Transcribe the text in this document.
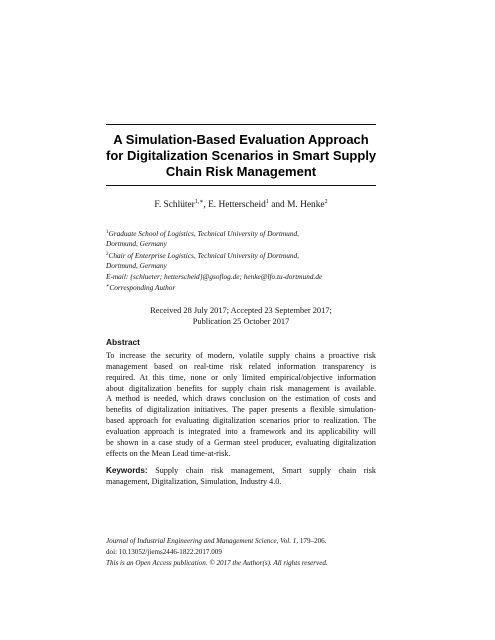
A Simulation-Based Evaluation Approach
for Digitalization Scenarios in Smart Supply
Chain Risk Management
F. Schlüter$^{1,∗}$, E. Hetterscheid$^1$ and M. Henke$^2$
$^1$Graduate School of Logistics, Technical University of Dortmund,
Dortmund, Germany
$^2$Chair of Enterprise Logistics, Technical University of Dortmund,
Dortmund, Germany
E-mail: {schlueter; hetterscheid}@gsoflog.de; henke@lfo.tu-dortmund.de
∗Corresponding Author
Received 28 July 2017; Accepted 23 September 2017;
Publication 25 October 2017
Abstract
To increase the security of modern, volatile supply chains a proactive risk
management based on real-time risk related information transparency is
required. At this time, none or only limited empirical/objective information
about digitalization benefits for supply chain risk management is available.
A method is needed, which draws conclusion on the estimation of costs and
benefits of digitalization initiatives. The paper presents a flexible simulation-
based approach for evaluating digitalization scenarios prior to realization. The
evaluation approach is integrated into a framework and its applicability will
be shown in a case study of a German steel producer, evaluating digitalization
effects on the Mean Lead time-at-risk.
Keywords: Supply chain risk management, Smart supply chain risk
management, Digitalization, Simulation, Industry 4.0.
Journal of Industrial Engineering and Management Science, Vol. 1, 179–206.
doi: 10.13052/jiems2446-1822.2017.009
This is an Open Access publication. © 2017 the Author(s). All rights reserved.
